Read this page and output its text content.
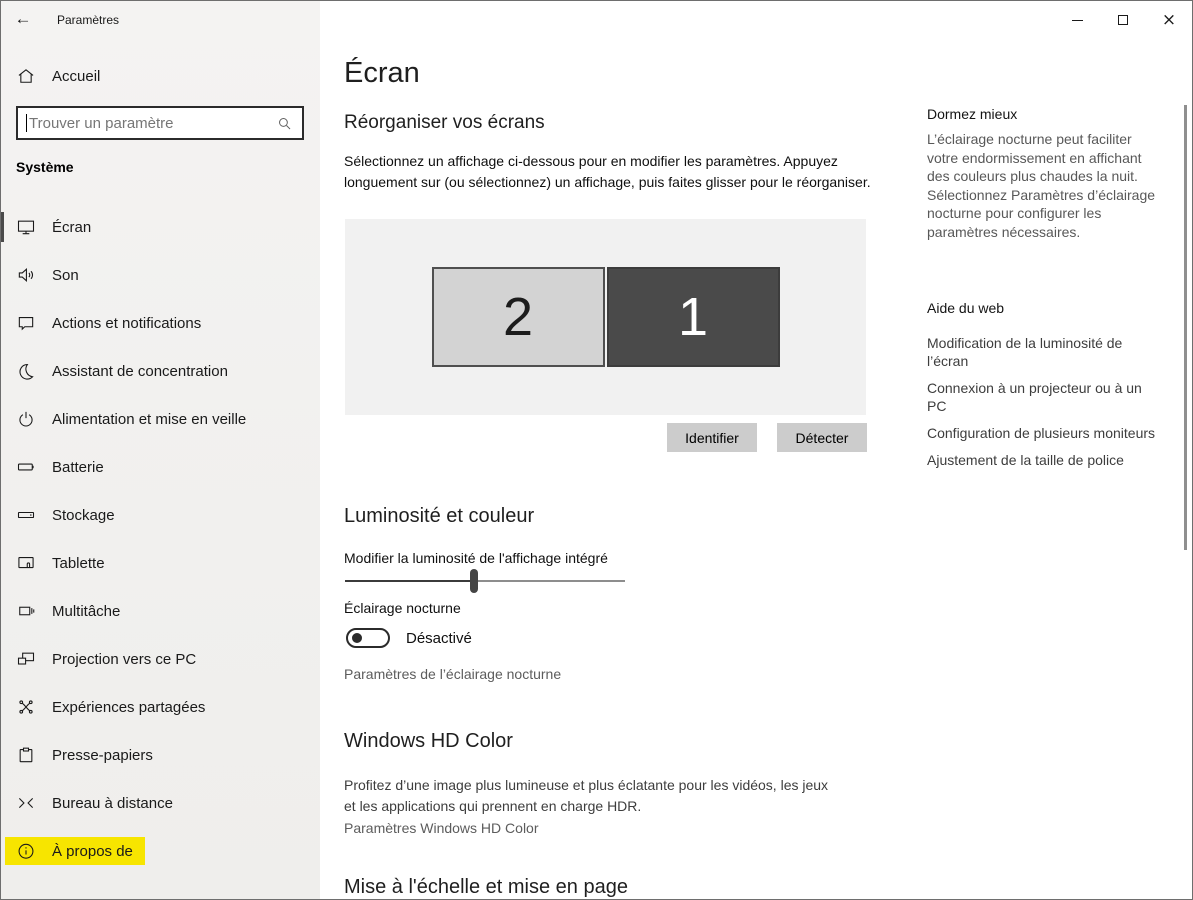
← Paramètres
Accueil
Trouver un paramètre
Système
Écran
Son
Actions et notifications
Assistant de concentration
Alimentation et mise en veille
Batterie
Stockage
Tablette
Multitâche
Projection vers ce PC
Expériences partagées
Presse-papiers
Bureau à distance
À propos de
×
Écran
Réorganiser vos écrans
Sélectionnez un affichage ci-dessous pour en modifier les paramètres. Appuyez longuement sur (ou sélectionnez) un affichage, puis faites glisser pour le réorganiser.
2	1
Identifier	Détecter
Luminosité et couleur
Modifier la luminosité de l'affichage intégré
Éclairage nocturne
Désactivé
Paramètres de l’éclairage nocturne
Windows HD Color
Profitez d’une image plus lumineuse et plus éclatante pour les vidéos, les jeux et les applications qui prennent en charge HDR.
Paramètres Windows HD Color
Mise à l'échelle et mise en page
Dormez mieux
L’éclairage nocturne peut faciliter votre endormissement en affichant des couleurs plus chaudes la nuit. Sélectionnez Paramètres d’éclairage nocturne pour configurer les paramètres nécessaires.
Aide du web
Modification de la luminosité de l’écran
Connexion à un projecteur ou à un PC
Configuration de plusieurs moniteurs
Ajustement de la taille de police
